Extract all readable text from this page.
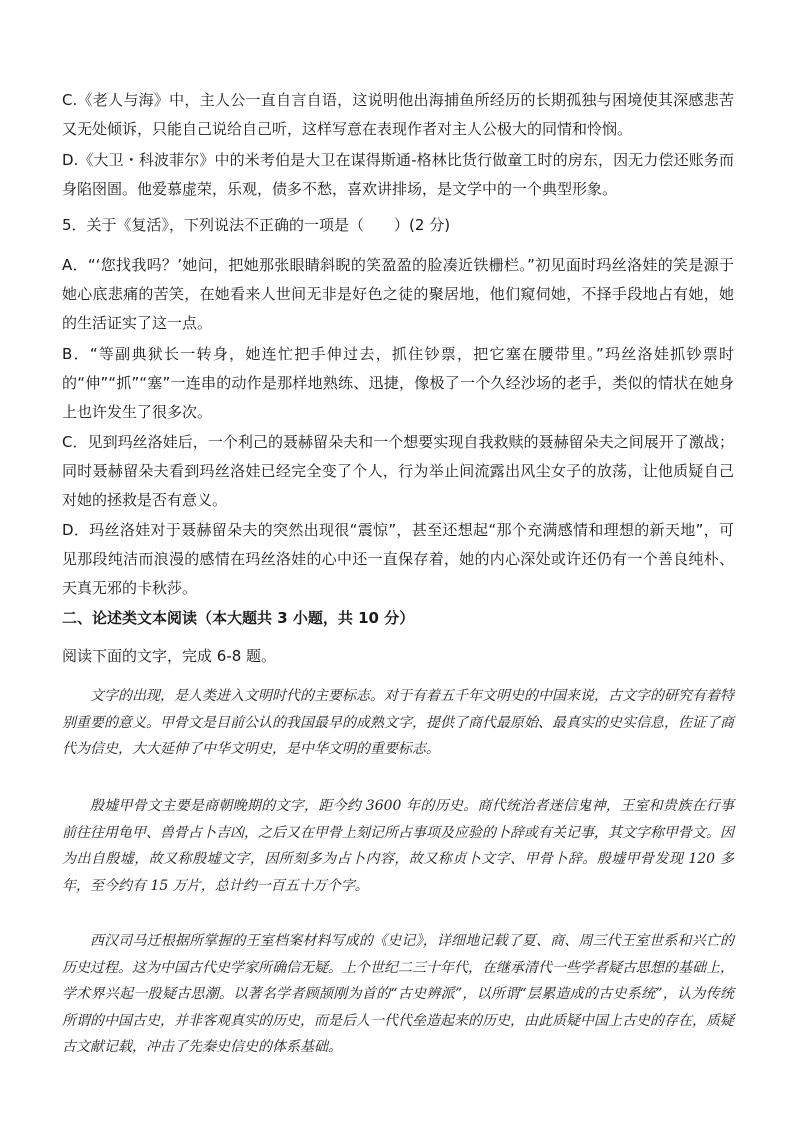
C.《老人与海》中，主人公一直自言自语，这说明他出海捕鱼所经历的长期孤独与困境使其深感悲苦又无处倾诉，只能自己说给自己听，这样写意在表现作者对主人公极大的同情和怜悯。

D.《大卫・科波菲尔》中的米考伯是大卫在谋得斯通-格林比货行做童工时的房东，因无力偿还账务而身陷囹圄。他爱慕虚荣，乐观，债多不愁，喜欢讲排场，是文学中的一个典型形象。

5．关于《复活》，下列说法不正确的一项是（　　）(2 分)

A．“‘您找我吗？’她问，把她那张眼睛斜睨的笑盈盈的脸凑近铁栅栏。”初见面时玛丝洛娃的笑是源于她心底悲痛的苦笑，在她看来人世间无非是好色之徒的聚居地，他们窥伺她，不择手段地占有她，她的生活证实了这一点。

B．“等副典狱长一转身，她连忙把手伸过去，抓住钞票，把它塞在腰带里。”玛丝洛娃抓钞票时的“伸”“抓”“塞”一连串的动作是那样地熟练、迅捷，像极了一个久经沙场的老手，类似的情状在她身上也许发生了很多次。

C．见到玛丝洛娃后，一个利己的聂赫留朵夫和一个想要实现自我救赎的聂赫留朵夫之间展开了激战；同时聂赫留朵夫看到玛丝洛娃已经完全变了个人，行为举止间流露出风尘女子的放荡，让他质疑自己对她的拯救是否有意义。

D．玛丝洛娃对于聂赫留朵夫的突然出现很“震惊”，甚至还想起“那个充满感情和理想的新天地”，可见那段纯洁而浪漫的感情在玛丝洛娃的心中还一直保存着，她的内心深处或许还仍有一个善良纯朴、天真无邪的卡秋莎。

二、论述类文本阅读（本大题共 3 小题，共 10 分）

阅读下面的文字，完成 6-8 题。

文字的出现，是人类进入文明时代的主要标志。对于有着五千年文明史的中国来说，古文字的研究有着特别重要的意义。甲骨文是目前公认的我国最早的成熟文字，提供了商代最原始、最真实的史实信息，佐证了商代为信史，大大延伸了中华文明史，是中华文明的重要标志。

殷墟甲骨文主要是商朝晚期的文字，距今约 3600 年的历史。商代统治者迷信鬼神，王室和贵族在行事前往往用龟甲、兽骨占卜吉凶，之后又在甲骨上刻记所占事项及应验的卜辞或有关记事，其文字称甲骨文。因为出自殷墟，故又称殷墟文字，因所刻多为占卜内容，故又称贞卜文字、甲骨卜辞。殷墟甲骨发现 120 多年，至今约有 15 万片，总计约一百五十万个字。

西汉司马迁根据所掌握的王室档案材料写成的《史记》，详细地记载了夏、商、周三代王室世系和兴亡的历史过程。这为中国古代史学家所确信无疑。上个世纪二三十年代，在继承清代一些学者疑古思想的基础上，学术界兴起一股疑古思潮。以著名学者顾颉刚为首的“古史辨派”，以所谓“层累造成的古史系统”，认为传统所谓的中国古史，并非客观真实的历史，而是后人一代代垒造起来的历史，由此质疑中国上古史的存在，质疑古文献记载，冲击了先秦史信史的体系基础。
